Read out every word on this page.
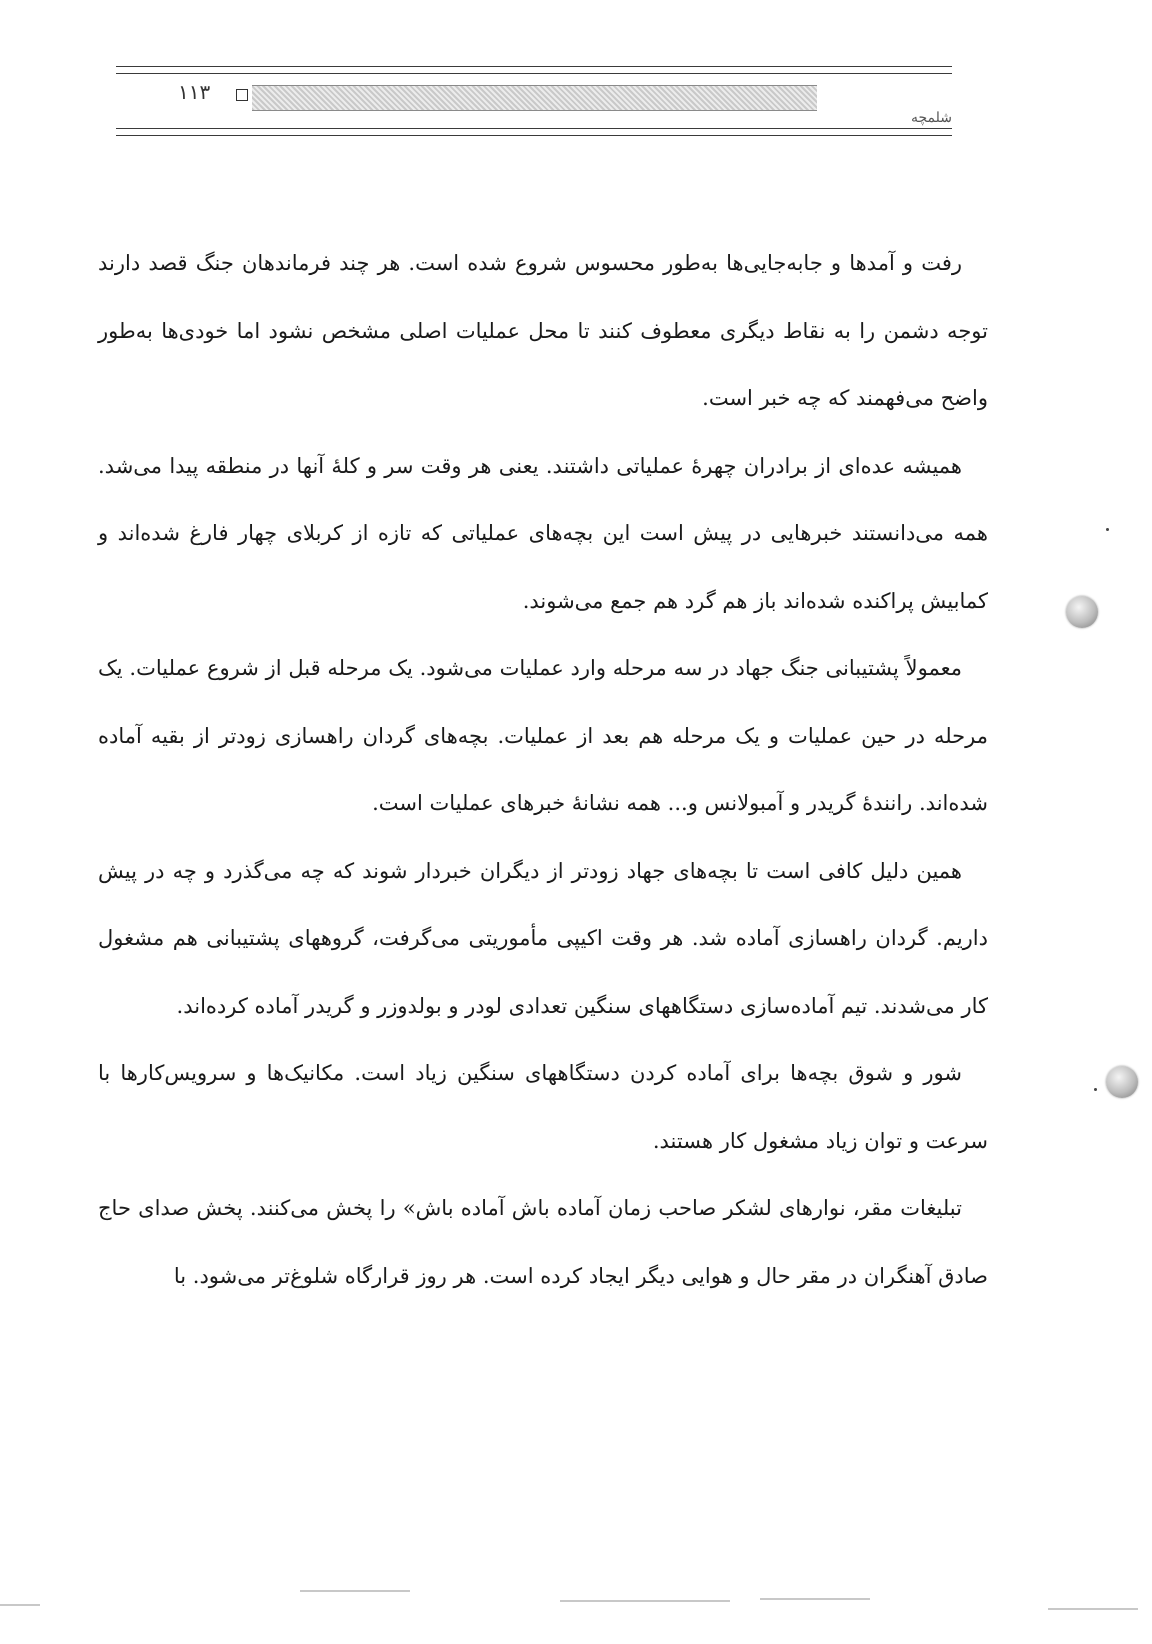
۱۱۳
شلمچه

رفت و آمدها و جابه‌جایی‌ها به‌طور محسوس شروع شده است. هر چند فرماندهان جنگ قصد دارند توجه دشمن را به نقاط دیگری معطوف کنند تا محل عملیات اصلی مشخص نشود اما خودی‌ها به‌طور واضح می‌فهمند که چه خبر است.

همیشه عده‌ای از برادران چهرهٔ عملیاتی داشتند. یعنی هر وقت سر و کلهٔ آنها در منطقه پیدا می‌شد. همه می‌دانستند خبرهایی در پیش است این بچه‌های عملیاتی که تازه از کربلای چهار فارغ شده‌اند و کمابیش پراکنده شده‌اند باز هم گرد هم جمع می‌شوند.

معمولاً پشتیبانی جنگ جهاد در سه مرحله وارد عملیات می‌شود. یک مرحله قبل از شروع عملیات. یک مرحله در حین عملیات و یک مرحله هم بعد از عملیات. بچه‌های گردان راهسازی زودتر از بقیه آماده شده‌اند. رانندهٔ گریدر و آمبولانس و... همه نشانهٔ خبرهای عملیات است.

همین دلیل کافی است تا بچه‌های جهاد زودتر از دیگران خبردار شوند که چه می‌گذرد و چه در پیش داریم. گردان راهسازی آماده شد. هر وقت اکیپی مأموریتی می‌گرفت، گروههای پشتیبانی هم مشغول کار می‌شدند. تیم آماده‌سازی دستگاههای سنگین تعدادی لودر و بولدوزر و گریدر آماده کرده‌اند.

شور و شوق بچه‌ها برای آماده کردن دستگاههای سنگین زیاد است. مکانیک‌ها و سرویس‌کارها با سرعت و توان زیاد مشغول کار هستند.

تبلیغات مقر، نوارهای لشکر صاحب زمان آماده باش آماده باش» را پخش می‌کنند. پخش صدای حاج صادق آهنگران در مقر حال و هوایی دیگر ایجاد کرده است. هر روز قرارگاه شلوغ‌تر می‌شود. با
